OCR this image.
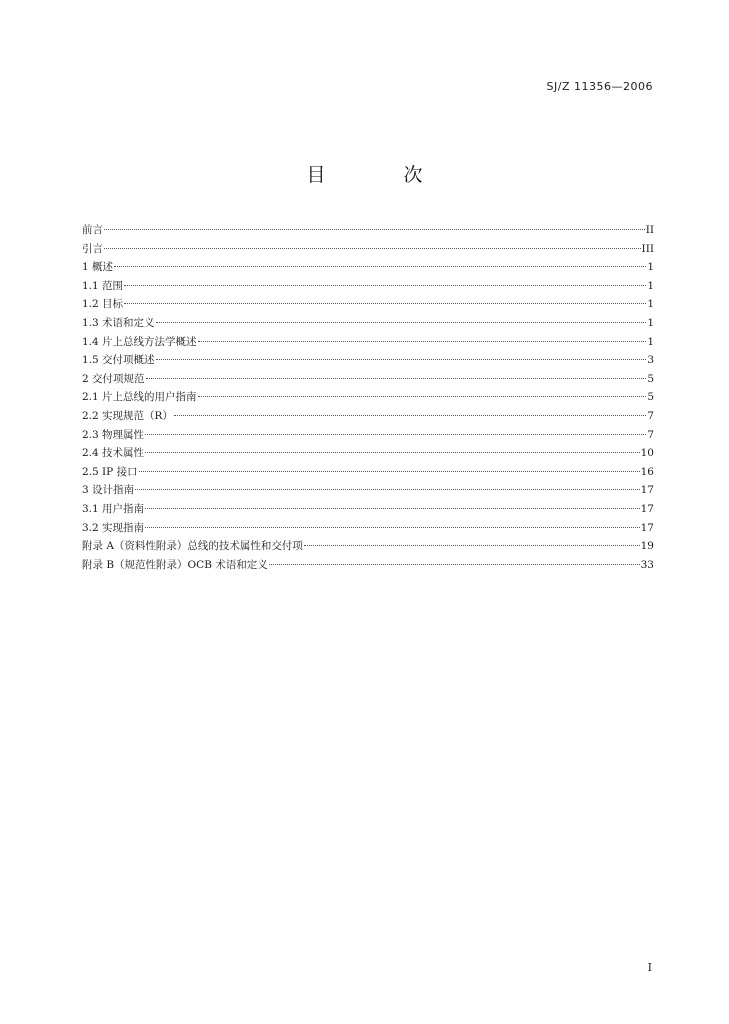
SJ/Z 11356—2006
目 次
前言	II
引言	III
1 概述	1
1.1 范围	1
1.2 目标	1
1.3 术语和定义	1
1.4 片上总线方法学概述	1
1.5 交付项概述	3
2 交付项规范	5
2.1 片上总线的用户指南	5
2.2 实现规范（R）	7
2.3 物理属性	7
2.4 技术属性	10
2.5 IP 接口	16
3 设计指南	17
3.1 用户指南	17
3.2 实现指南	17
附录 A（资料性附录）总线的技术属性和交付项	19
附录 B（规范性附录）OCB 术语和定义	33
I
